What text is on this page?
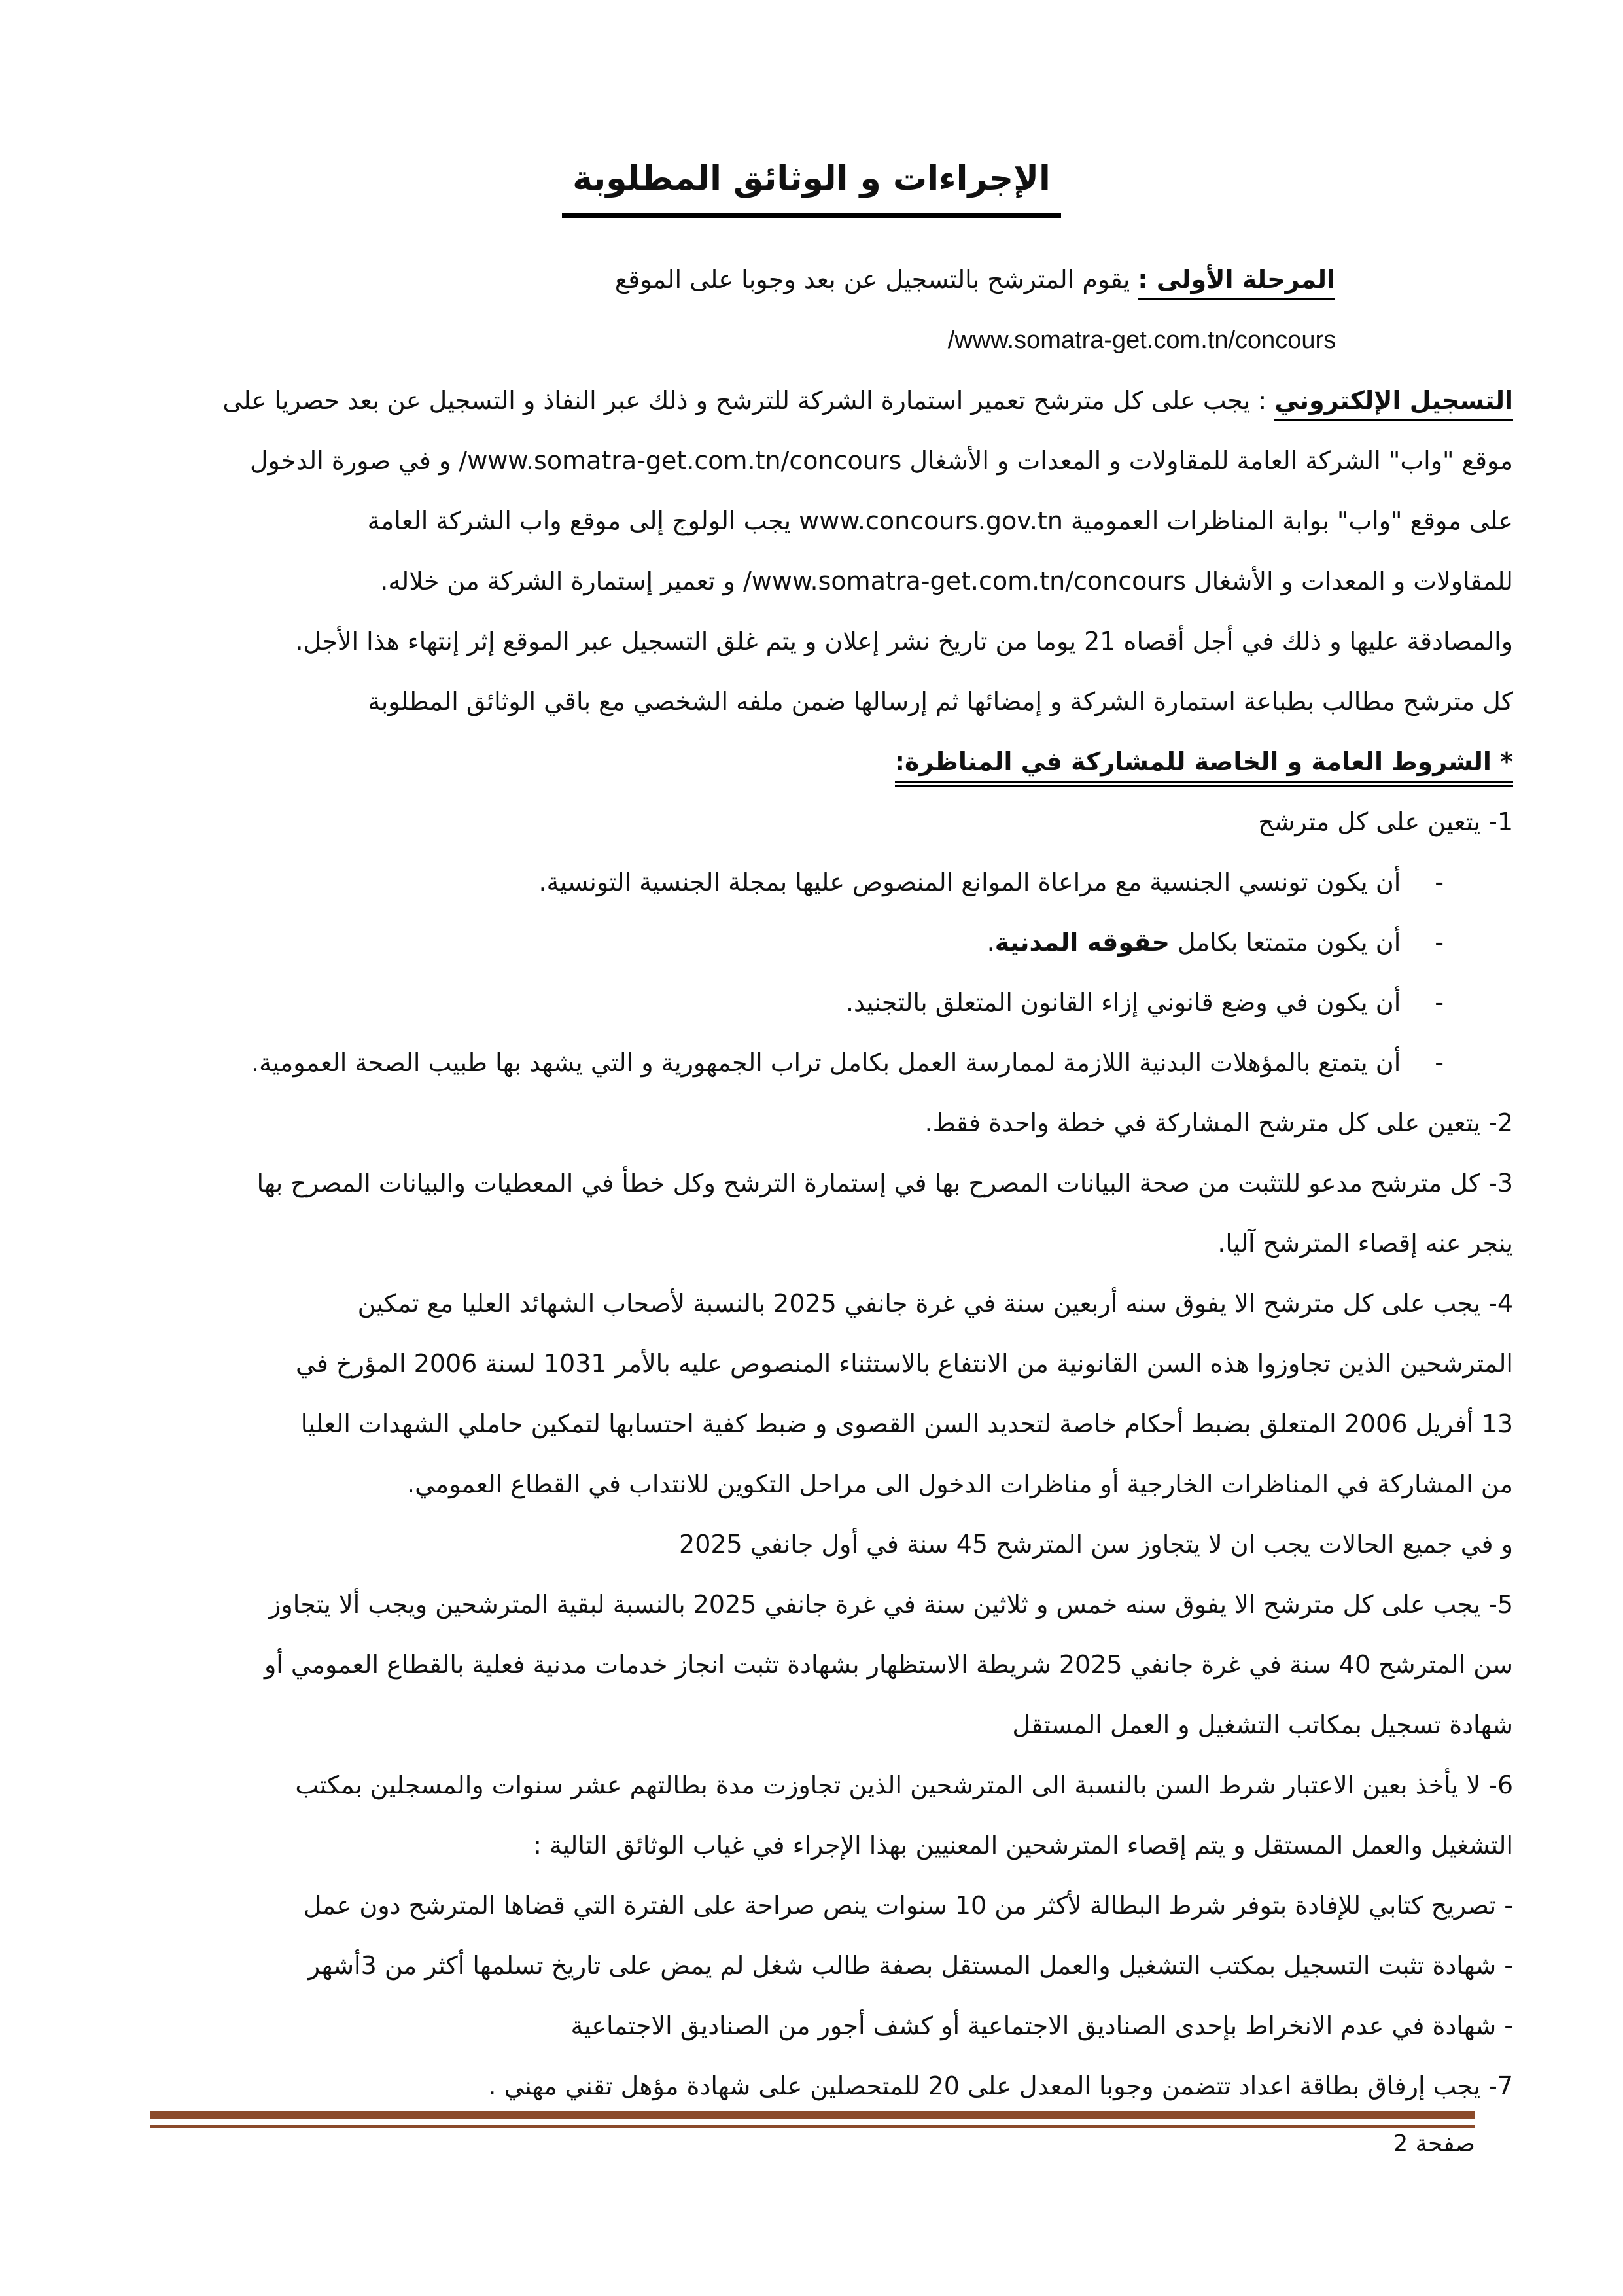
الإجراءات و الوثائق المطلوبة
المرحلة الأولى : يقوم المترشح بالتسجيل عن بعد وجوبا على الموقع
www.somatra-get.com.tn/concours/
التسجيل الإلكتروني : يجب على كل مترشح تعمير استمارة الشركة للترشح و ذلك عبر النفاذ و التسجيل عن بعد حصريا على
موقع "واب" الشركة العامة للمقاولات و المعدات و الأشغال www.somatra-get.com.tn/concours/ و في صورة الدخول
على موقع "واب" بوابة المناظرات العمومية www.concours.gov.tn يجب الولوج إلى موقع واب الشركة العامة
للمقاولات و المعدات و الأشغال www.somatra-get.com.tn/concours/ و تعمير إستمارة الشركة من خلاله.
والمصادقة عليها و ذلك في أجل أقصاه 21 يوما من تاريخ نشر إعلان و يتم غلق التسجيل عبر الموقع إثر إنتهاء هذا الأجل.
كل مترشح مطالب بطباعة استمارة الشركة و إمضائها ثم إرسالها ضمن ملفه الشخصي مع باقي الوثائق المطلوبة
* الشروط العامة و الخاصة للمشاركة في المناظرة:
1- يتعين على كل مترشح
-أن يكون تونسي الجنسية مع مراعاة الموانع المنصوص عليها بمجلة الجنسية التونسية.
-أن يكون متمتعا بكامل حقوقه المدنية.
-أن يكون في وضع قانوني إزاء القانون المتعلق بالتجنيد.
-أن يتمتع بالمؤهلات البدنية اللازمة لممارسة العمل بكامل تراب الجمهورية و التي يشهد بها طبيب الصحة العمومية.
2- يتعين على كل مترشح المشاركة في خطة واحدة فقط.
3- كل مترشح مدعو للتثبت من صحة البيانات المصرح بها في إستمارة الترشح وكل خطأ في المعطيات والبيانات المصرح بها
ينجر عنه إقصاء المترشح آليا.
4- يجب على كل مترشح الا يفوق سنه أربعين سنة في غرة جانفي 2025 بالنسبة لأصحاب الشهائد العليا مع تمكين
المترشحين الذين تجاوزوا هذه السن القانونية من الانتفاع بالاستثناء المنصوص عليه بالأمر 1031 لسنة 2006 المؤرخ في
13 أفريل 2006 المتعلق بضبط أحكام خاصة لتحديد السن القصوى و ضبط كفية احتسابها لتمكين حاملي الشهدات العليا
من المشاركة في المناظرات الخارجية أو مناظرات الدخول الى مراحل التكوين للانتداب في القطاع العمومي.
و في جميع الحالات يجب ان لا يتجاوز سن المترشح 45 سنة في أول جانفي 2025
5- يجب على كل مترشح الا يفوق سنه خمس و ثلاثين سنة في غرة جانفي 2025 بالنسبة لبقية المترشحين ويجب ألا يتجاوز
سن المترشح 40 سنة في غرة جانفي 2025 شريطة الاستظهار بشهادة تثبت انجاز خدمات مدنية فعلية بالقطاع العمومي أو
شهادة تسجيل بمكاتب التشغيل و العمل المستقل
6- لا يأخذ بعين الاعتبار شرط السن بالنسبة الى المترشحين الذين تجاوزت مدة بطالتهم عشر سنوات والمسجلين بمكتب
التشغيل والعمل المستقل و يتم إقصاء المترشحين المعنيين بهذا الإجراء في غياب الوثائق التالية :
- تصريح كتابي للإفادة بتوفر شرط البطالة لأكثر من 10 سنوات ينص صراحة على الفترة التي قضاها المترشح دون عمل
- شهادة تثبت التسجيل بمكتب التشغيل والعمل المستقل بصفة طالب شغل لم يمض على تاريخ تسلمها أكثر من 3أشهر
- شهادة في عدم الانخراط بإحدى الصناديق الاجتماعية أو كشف أجور من الصناديق الاجتماعية
7- يجب إرفاق بطاقة اعداد تتضمن وجوبا المعدل على 20 للمتحصلين على شهادة مؤهل تقني مهني .
صفحة 2
